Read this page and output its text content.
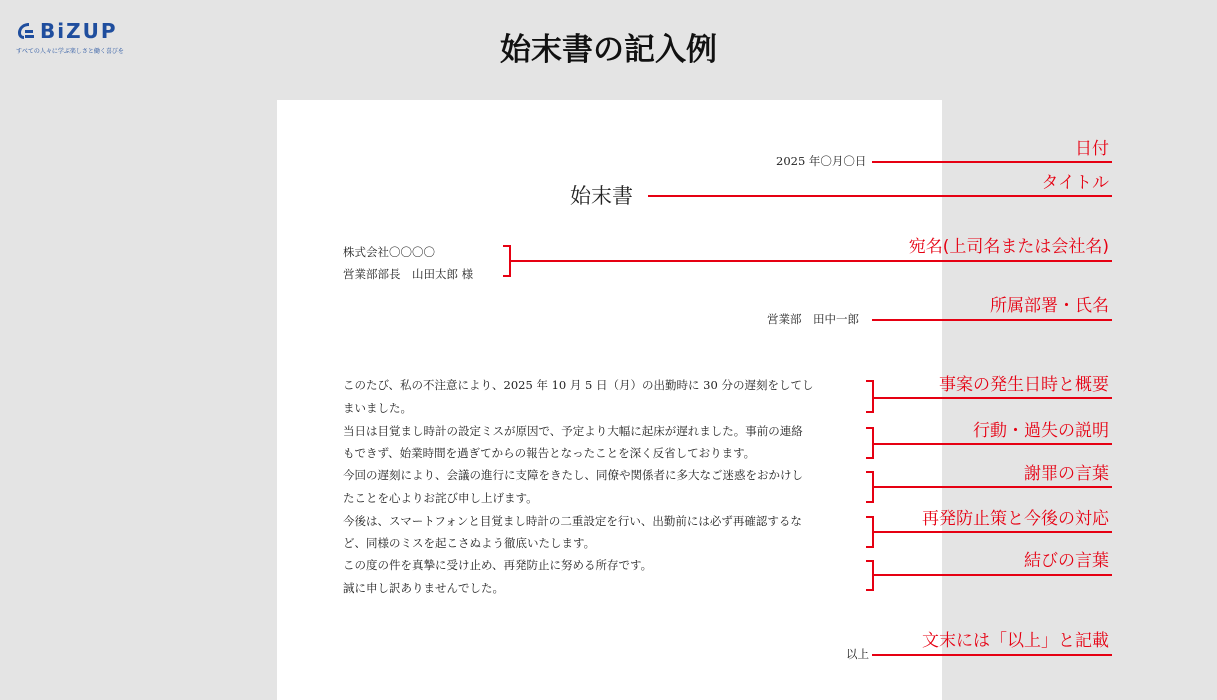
BiZUP
すべての人々に学ぶ楽しさと働く喜びを	始末書の記入例
2025 年〇月〇日
始末書
株式会社〇〇〇〇
営業部部長　山田太郎 様
営業部　田中一郎
このたび、私の不注意により、2025 年 10 月 5 日（月）の出勤時に 30 分の遅刻をしてし
まいました。
当日は目覚まし時計の設定ミスが原因で、予定より大幅に起床が遅れました。事前の連絡
もできず、始業時間を過ぎてからの報告となったことを深く反省しております。
今回の遅刻により、会議の進行に支障をきたし、同僚や関係者に多大なご迷惑をおかけし
たことを心よりお詫び申し上げます。
今後は、スマートフォンと目覚まし時計の二重設定を行い、出勤前には必ず再確認するな
ど、同様のミスを起こさぬよう徹底いたします。
この度の件を真摯に受け止め、再発防止に努める所存です。
誠に申し訳ありませんでした。
以上
日付
タイトル
宛名(上司名または会社名)
所属部署・氏名
事案の発生日時と概要
行動・過失の説明
謝罪の言葉
再発防止策と今後の対応
結びの言葉
文末には「以上」と記載
